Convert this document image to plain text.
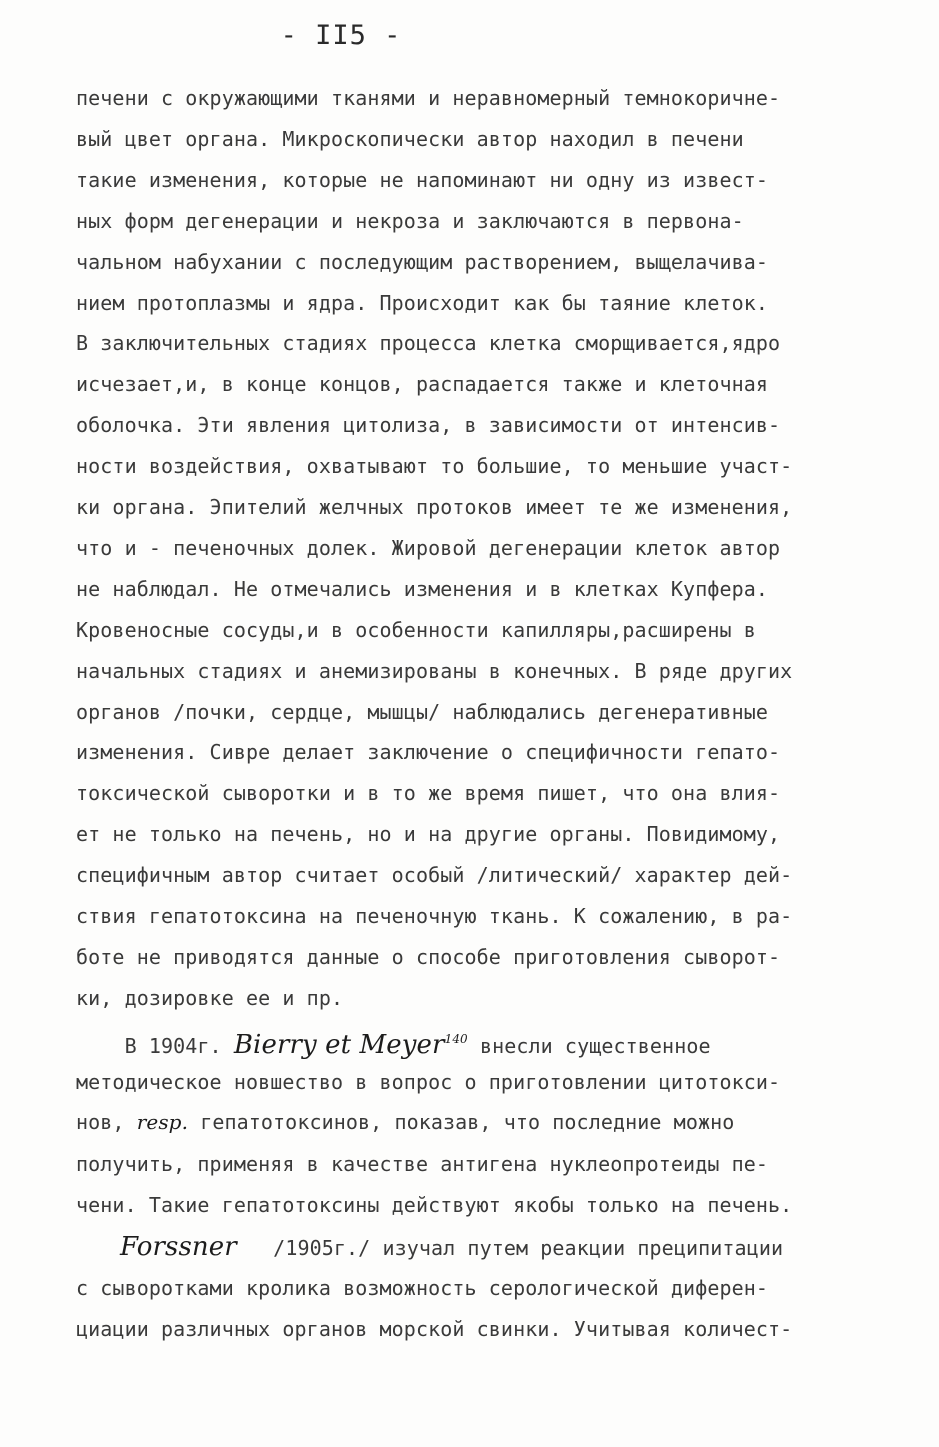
- II5 -
печени с окружающими тканями и неравномерный темнокоричне-
вый цвет органа. Микроскопически автор находил в печени
такие изменения, которые не напоминают ни одну из извест-
ных форм дегенерации и некроза и заключаются в первона-
чальном набухании с последующим растворением, выщелачива-
нием протоплазмы и ядра. Происходит как бы таяние клеток.
В заключительных стадиях процесса клетка сморщивается,ядро
исчезает,и, в конце концов, распадается также и клеточная
оболочка. Эти явления цитолиза, в зависимости от интенсив-
ности воздействия, охватывают то большие, то меньшие участ-
ки органа. Эпителий желчных протоков имеет те же изменения,
что и - печеночных долек. Жировой дегенерации клеток автор
не наблюдал. Не отмечались изменения и в клетках Купфера.
Кровеносные сосуды,и в особенности капилляры,расширены в
начальных стадиях и анемизированы в конечных. В ряде других
органов /почки, сердце, мышцы/ наблюдались дегенеративные
изменения. Сивре делает заключение о специфичности гепато-
токсической сыворотки и в то же время пишет, что она влия-
ет не только на печень, но и на другие органы. Повидимому,
специфичным автор считает особый /литический/ характер дей-
ствия гепатотоксина на печеночную ткань. К сожалению, в ра-
боте не приводятся данные о способе приготовления сыворот-
ки, дозировке ее и пр.
В 1904г. Bierry et Meyer$^{140}$ внесли существенное
методическое новшество в вопрос о приготовлении цитотокси-
нов, resp. гепатотоксинов, показав, что последние можно
получить, применяя в качестве антигена нуклеопротеиды пе-
чени. Такие гепатотоксины действуют якобы только на печень.
Forssner   /1905г./ изучал путем реакции преципитации
с сыворотками кролика возможность серологической диферен-
циации различных органов морской свинки. Учитывая количест-
